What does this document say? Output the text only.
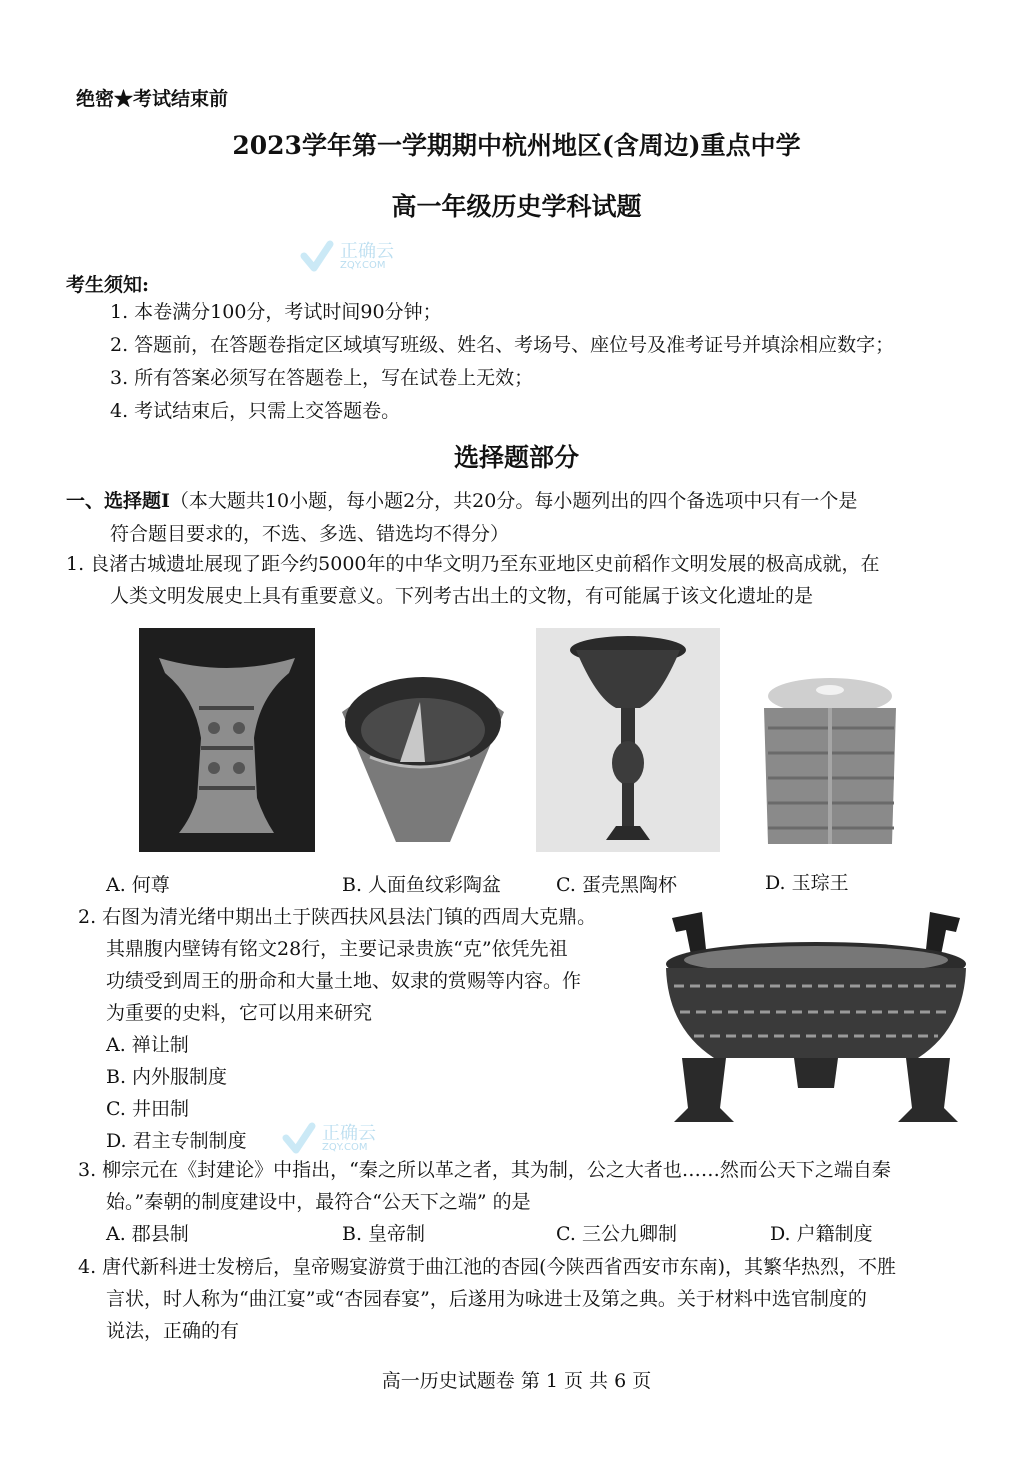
绝密★考试结束前
2023学年第一学期期中杭州地区(含周边)重点中学
高一年级历史学科试题
正确云
ZQY.COM
考生须知:
1. 本卷满分100分，考试时间90分钟；
2. 答题前，在答题卷指定区域填写班级、姓名、考场号、座位号及准考证号并填涂相应数字；
3. 所有答案必须写在答题卷上，写在试卷上无效；
4. 考试结束后，只需上交答题卷。
选择题部分
一、选择题Ⅰ（本大题共10小题，每小题2分，共20分。每小题列出的四个备选项中只有一个是
符合题目要求的，不选、多选、错选均不得分）
1. 良渚古城遗址展现了距今约5000年的中华文明乃至东亚地区史前稻作文明发展的极高成就，在
人类文明发展史上具有重要意义。下列考古出土的文物，有可能属于该文化遗址的是
A. 何尊	B. 人面鱼纹彩陶盆	C. 蛋壳黑陶杯	D. 玉琮王
2. 右图为清光绪中期出土于陕西扶风县法门镇的西周大克鼎。
其鼎腹内壁铸有铭文28行，主要记录贵族“克”依凭先祖
功绩受到周王的册命和大量土地、奴隶的赏赐等内容。作
为重要的史料，它可以用来研究
A. 禅让制
B. 内外服制度
C. 井田制
D. 君主专制制度	正确云
ZQY.COM
3. 柳宗元在《封建论》中指出，“秦之所以革之者，其为制，公之大者也……然而公天下之端自秦
始。”秦朝的制度建设中，最符合“公天下之端” 的是
A. 郡县制	B. 皇帝制	C. 三公九卿制	D. 户籍制度
4. 唐代新科进士发榜后，皇帝赐宴游赏于曲江池的杏园(今陕西省西安市东南)，其繁华热烈，不胜
言状，时人称为“曲江宴”或“杏园春宴”，后遂用为咏进士及第之典。关于材料中选官制度的
说法，正确的有
高一历史试题卷 第 1 页 共 6 页
